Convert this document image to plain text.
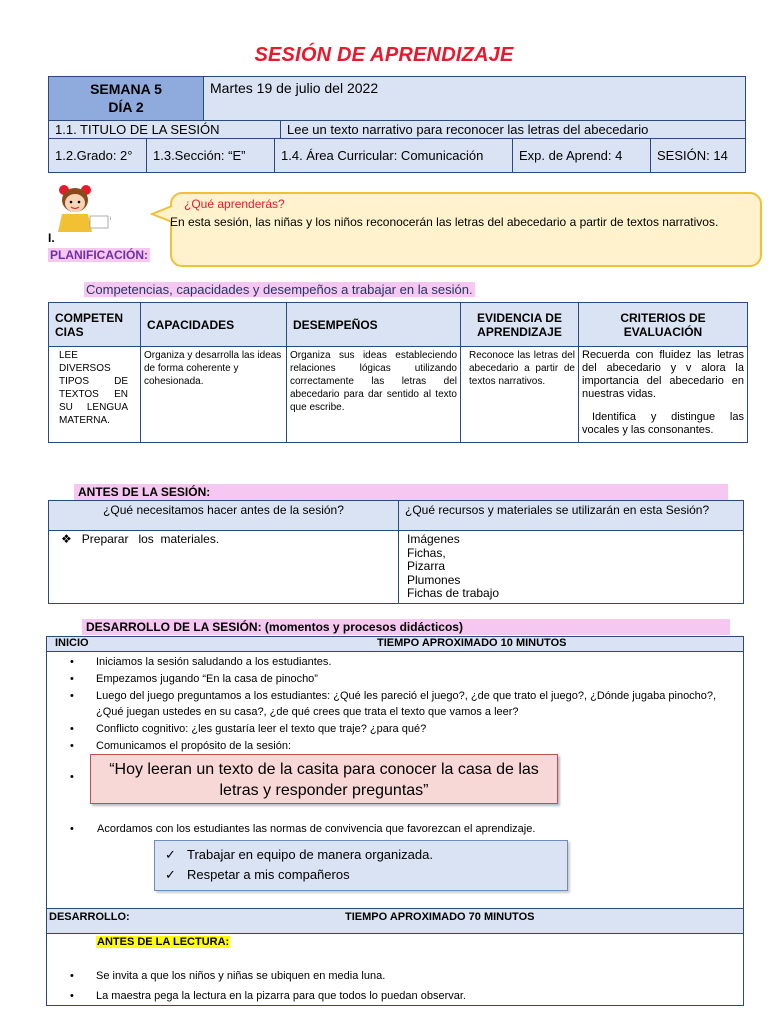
SESIÓN DE APRENDIZAJE
SEMANA 5
DÍA 2
	Martes 19 de julio del 2022
1.1. TITULO DE LA SESIÓN	Lee un texto narrativo para reconocer las letras del abecedario
1.2.Grado: 2°	1.3.Sección: “E”	1.4. Área Curricular: Comunicación	Exp. de Aprend: 4	SESIÓN: 14
ᵢ
¿Qué aprenderás?
En esta sesión, las niñas y los niños reconocerán las letras del abecedario a partir de textos narrativos.
I.
PLANIFICACIÓN:
Competencias, capacidades y desempeños a trabajar en la sesión.
COMPETEN CIAS	CAPACIDADES	DESEMPEÑOS	EVIDENCIA DE APRENDIZAJE	CRITERIOS DE EVALUACIÓN
LEE DIVERSOS TIPOS DE TEXTOS EN SU LENGUA MATERNA.	Organiza y desarrolla las ideas de forma coherente y cohesionada.	Organiza sus ideas estableciendo relaciones lógicas utilizando correctamente las letras del abecedario para dar sentido al texto que escribe.	Reconoce las letras del abecedario a partir de textos narrativos.	Recuerda con fluidez las letras del abecedario y v alora la importancia del abecedario en nuestras vidas.
Identifica y distingue las vocales y las consonantes.
ANTES DE LA SESIÓN:
¿Qué necesitamos hacer antes de la sesión?	¿Qué recursos y materiales se utilizarán en esta Sesión?
❖ Preparar   los  materiales.	Imágenes
Fichas,
Pizarra
Plumones
Fichas de trabajo
DESARROLLO DE LA SESIÓN: (momentos y procesos didácticos)
INICIO	TIEMPO APROXIMADO 10 MINUTOS
• Iniciamos la sesión saludando a los estudiantes.
• Empezamos jugando “En la casa de pinocho”
• Luego del juego preguntamos a los estudiantes: ¿Qué les pareció el juego?, ¿de que trato el juego?, ¿Dónde jugaba pinocho?, ¿Qué juegan ustedes en su casa?, ¿de qué crees que trata el texto que vamos a leer?
• Conflicto cognitivo: ¿les gustaría leer el texto que traje? ¿para qué?
• Comunicamos el propósito de la sesión:
•	“Hoy leeran un texto de la casita para conocer la casa de las letras y responder preguntas”
•	Acordamos con los estudiantes las normas de convivencia que favorezcan el aprendizaje.
✓ Trabajar en equipo de manera organizada.
✓ Respetar a mis compañeros
DESARROLLO:	TIEMPO APROXIMADO 70 MINUTOS
ANTES DE LA LECTURA:
• Se invita a que los niños y niñas se ubiquen en media luna.
• La maestra pega la lectura en la pizarra para que todos lo puedan observar.
